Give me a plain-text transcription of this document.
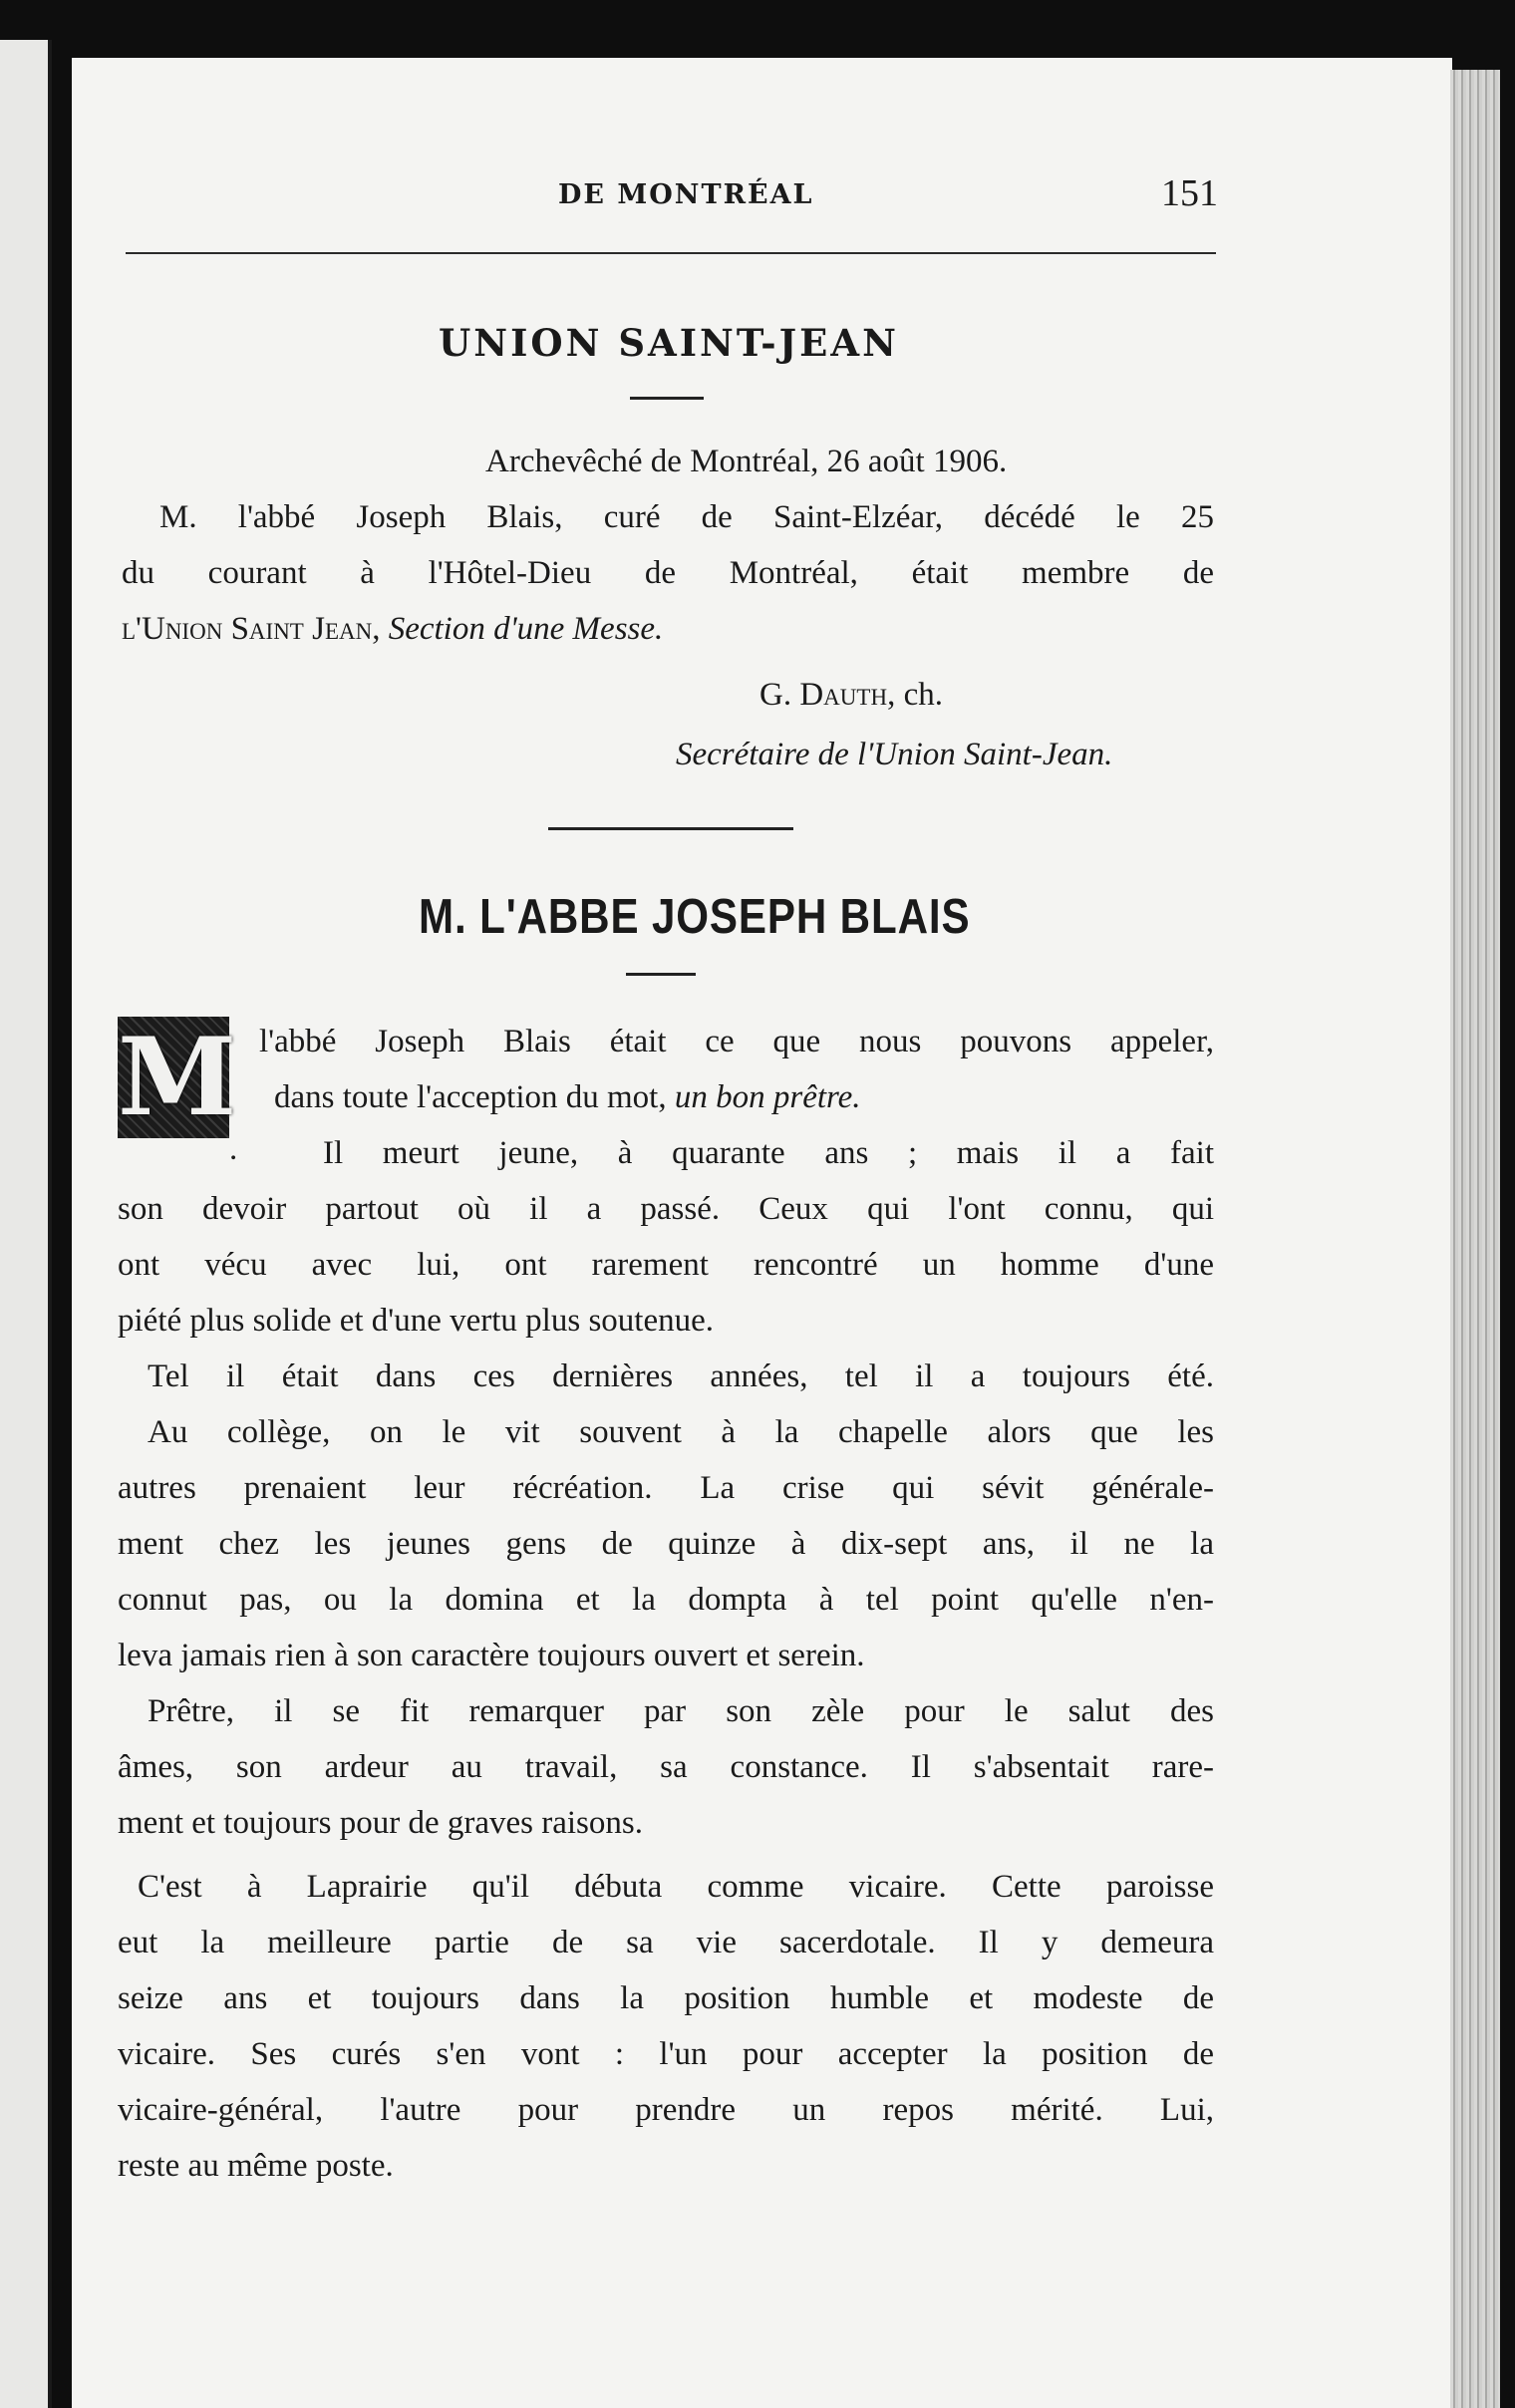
DE MONTRÉAL	151
UNION SAINT-JEAN
Archevêché de Montréal, 26 août 1906.
M. l'abbé Joseph Blais, curé de Saint-Elzéar, décédé le 25
du courant à l'Hôtel-Dieu de Montréal, était membre de
l'Union Saint Jean, Section d'une Messe.
G. Dauth, ch.
Secrétaire de l'Union Saint-Jean.
M. L'ABBE JOSEPH BLAIS
M
.
l'abbé Joseph Blais était ce que nous pouvons appeler,
dans toute l'acception du mot, un bon prêtre.
Il meurt jeune, à quarante ans ; mais il a fait
son devoir partout où il a passé. Ceux qui l'ont connu, qui
ont vécu avec lui, ont rarement rencontré un homme d'une
piété plus solide et d'une vertu plus soutenue.
Tel il était dans ces dernières années, tel il a toujours été.
Au collège, on le vit souvent à la chapelle alors que les
autres prenaient leur récréation. La crise qui sévit générale-
ment chez les jeunes gens de quinze à dix-sept ans, il ne la
connut pas, ou la domina et la dompta à tel point qu'elle n'en-
leva jamais rien à son caractère toujours ouvert et serein.
Prêtre, il se fit remarquer par son zèle pour le salut des
âmes, son ardeur au travail, sa constance. Il s'absentait rare-
ment et toujours pour de graves raisons.
C'est à Laprairie qu'il débuta comme vicaire. Cette paroisse
eut la meilleure partie de sa vie sacerdotale. Il y demeura
seize ans et toujours dans la position humble et modeste de
vicaire. Ses curés s'en vont : l'un pour accepter la position de
vicaire-général, l'autre pour prendre un repos mérité. Lui,
reste au même poste.
